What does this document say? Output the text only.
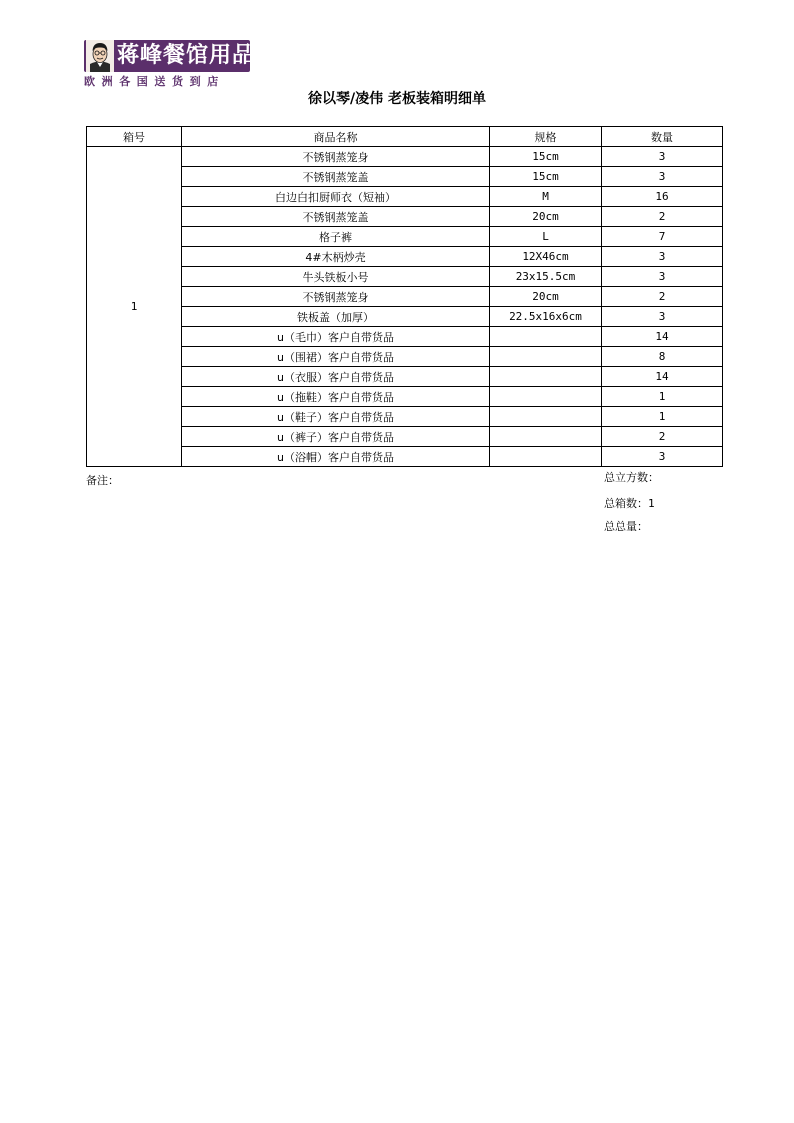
蒋峰餐馆用品
欧洲各国送货到店
徐以琴/凌伟 老板装箱明细单
箱号	商品名称	规格	数量
1	不锈钢蒸笼身	15cm	3
	不锈钢蒸笼盖	15cm	3
	白边白扣厨师衣（短袖）	M	16
	不锈钢蒸笼盖	20cm	2
	格子裤	L	7
	4#木柄炒壳	12X46cm	3
	牛头铁板小号	23x15.5cm	3
	不锈钢蒸笼身	20cm	2
	铁板盖（加厚）	22.5x16x6cm	3
	u（毛巾）客户自带货品		14
	u（围裙）客户自带货品		8
	u（衣服）客户自带货品		14
	u（拖鞋）客户自带货品		1
	u（鞋子）客户自带货品		1
	u（裤子）客户自带货品		2
	u（浴帽）客户自带货品		3
备注：	总立方数：
总箱数：1
总总量：
